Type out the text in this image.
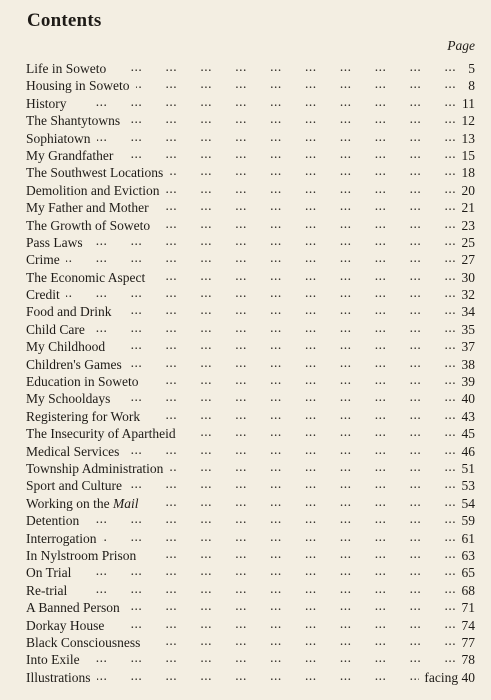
Contents
Page
Life in Soweto	5
...
Housing in Soweto	8
...
History	11
...
The Shantytowns	12
...
Sophiatown	13
...
My Grandfather	15
...
The Southwest Locations	18
...
Demolition and Eviction	20
...
My Father and Mother	21
...
The Growth of Soweto	23
...
Pass Laws	25
...
Crime	27
...
The Economic Aspect	30
...
Credit	32
...
Food and Drink	34
...
Child Care	35
...
My Childhood	37
...
Children's Games	38
...
Education in Soweto	39
...
My Schooldays	40
...
Registering for Work	43
...
The Insecurity of Apartheid	45
...
Medical Services	46
...
Township Administration	51
...
Sport and Culture	53
...
Working on the Mail	54
...
Detention	59
...
Interrogation	61
...
In Nylstroom Prison	63
...
On Trial	65
...
Re-trial	68
...
A Banned Person	71
...
Dorkay House	74
...
Black Consciousness	77
...
Into Exile	78
...
Illustrations	facing 40
...
